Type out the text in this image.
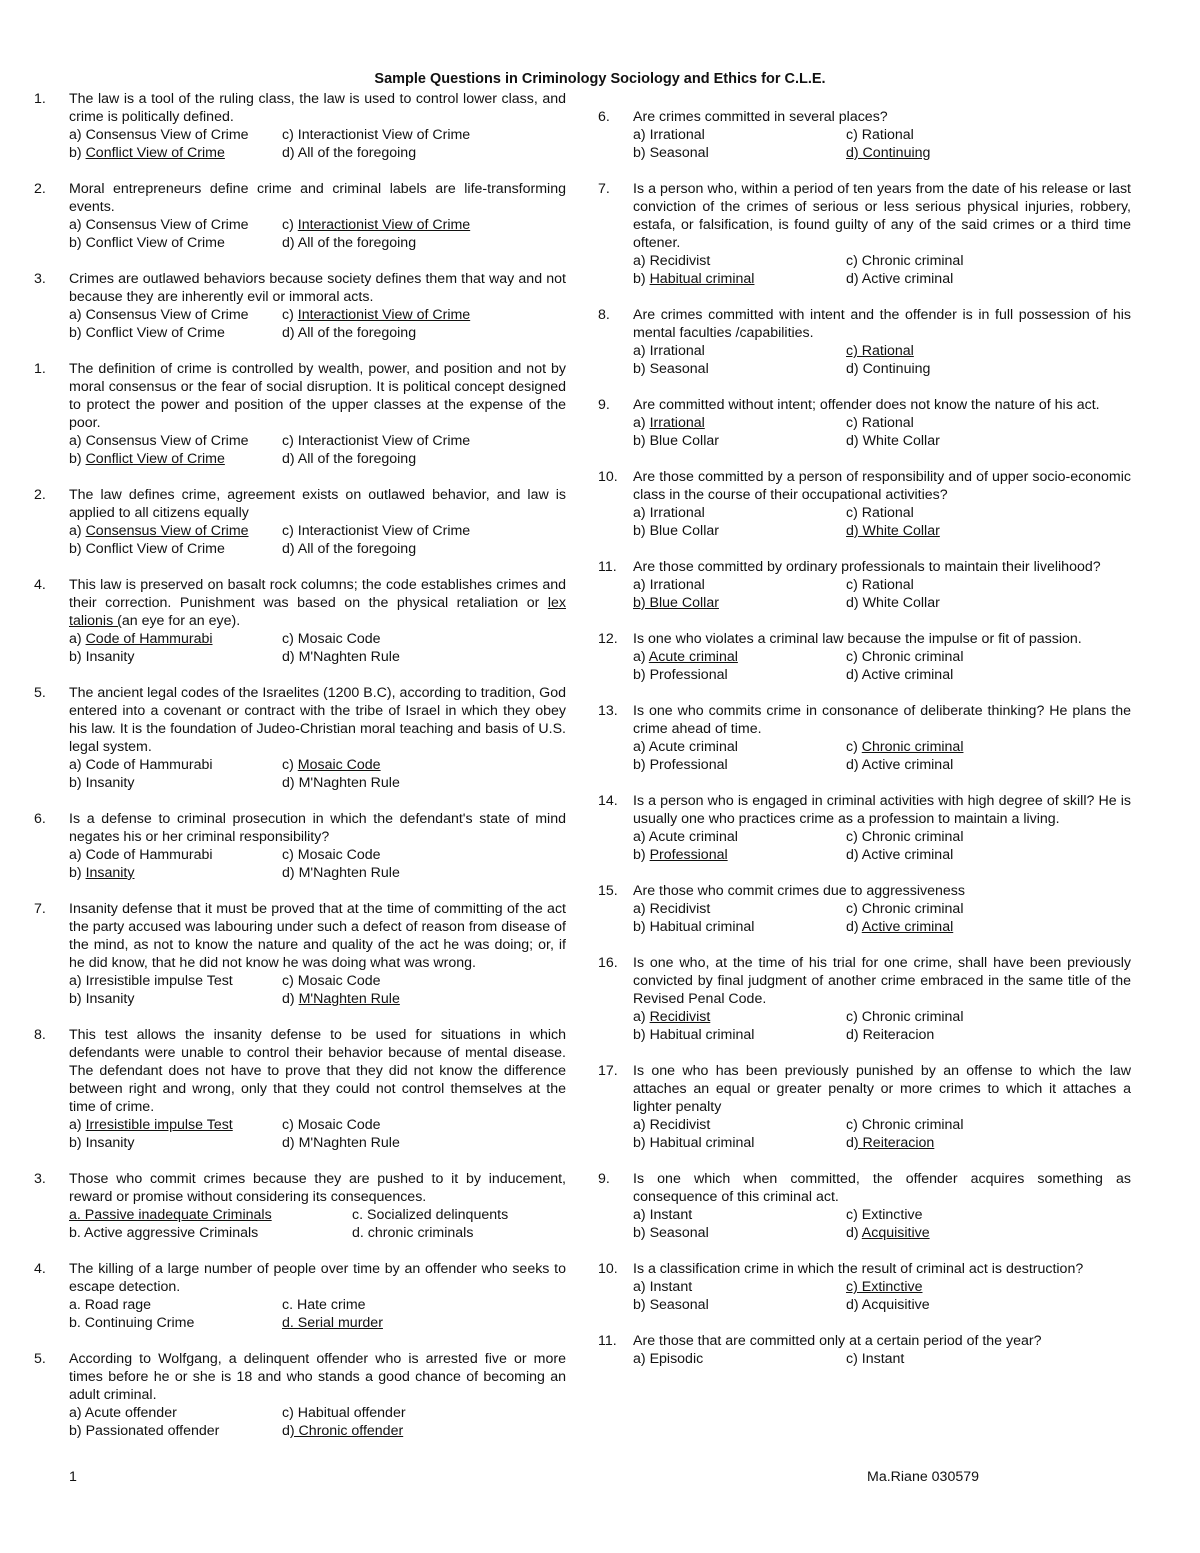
Sample Questions in Criminology Sociology and Ethics for C.L.E.
1.	The law is a tool of the ruling class, the law is used to control lower class, and crime is politically defined.
a) Consensus View of Crime	c) Interactionist View of Crime
b) Conflict View of Crime	d) All of the foregoing
2.	Moral entrepreneurs define crime and criminal labels are life-transforming events.
a) Consensus View of Crime	c) Interactionist View of Crime
b) Conflict View of Crime	d) All of the foregoing
3.	Crimes are outlawed behaviors because society defines them that way and not because they are inherently evil or immoral acts.
a) Consensus View of Crime	c) Interactionist View of Crime
b) Conflict View of Crime	d) All of the foregoing
1.	The definition of crime is controlled by wealth, power, and position and not by moral consensus or the fear of social disruption. It is political concept designed to protect the power and position of the upper classes at the expense of the poor.
a) Consensus View of Crime	c) Interactionist View of Crime
b) Conflict View of Crime	d) All of the foregoing
2.	The law defines crime, agreement exists on outlawed behavior, and law is applied to all citizens equally
a) Consensus View of Crime	c) Interactionist View of Crime
b) Conflict View of Crime	d) All of the foregoing
4.	This law is preserved on basalt rock columns; the code establishes crimes and their correction. Punishment was based on the physical retaliation or lex talionis (an eye for an eye).
a) Code of Hammurabi	c) Mosaic Code
b) Insanity	d) M'Naghten Rule
5.	The ancient legal codes of the Israelites (1200 B.C), according to tradition, God entered into a covenant or contract with the tribe of Israel in which they obey his law. It is the foundation of Judeo-Christian moral teaching and basis of U.S. legal system.
a) Code of Hammurabi	c) Mosaic Code
b) Insanity	d) M'Naghten Rule
6.	Is a defense to criminal prosecution in which the defendant's state of mind negates his or her criminal responsibility?
a) Code of Hammurabi	c) Mosaic Code
b) Insanity	d) M'Naghten Rule
7.	Insanity defense that it must be proved that at the time of committing of the act the party accused was labouring under such a defect of reason from disease of the mind, as not to know the nature and quality of the act he was doing; or, if he did know, that he did not know he was doing what was wrong.
a) Irresistible impulse Test	c) Mosaic Code
b) Insanity	d) M'Naghten Rule
8.	This test allows the insanity defense to be used for situations in which defendants were unable to control their behavior because of mental disease. The defendant does not have to prove that they did not know the difference between right and wrong, only that they could not control themselves at the time of crime.
a) Irresistible impulse Test	c) Mosaic Code
b) Insanity	d) M'Naghten Rule
3.	Those who commit crimes because they are pushed to it by inducement, reward or promise without considering its consequences.
a. Passive inadequate Criminals	c. Socialized delinquents
b. Active aggressive Criminals	d. chronic criminals
4.	The killing of a large number of people over time by an offender who seeks to escape detection.
a. Road rage	c. Hate crime
b. Continuing Crime	d. Serial murder
5.	According to Wolfgang, a delinquent offender who is arrested five or more times before he or she is 18 and who stands a good chance of becoming an adult criminal.
a) Acute offender	c) Habitual offender
b) Passionated offender	d) Chronic offender
6.	Are crimes committed in several places?
a) Irrational	c) Rational
b) Seasonal	d) Continuing
7.	Is a person who, within a period of ten years from the date of his release or last conviction of the crimes of serious or less serious physical injuries, robbery, estafa, or falsification, is found guilty of any of the said crimes or a third time oftener.
a) Recidivist	c) Chronic criminal
b) Habitual criminal	d) Active criminal
8.	Are crimes committed with intent and the offender is in full possession of his mental faculties /capabilities.
a) Irrational	c) Rational
b) Seasonal	d) Continuing
9.	Are committed without intent; offender does not know the nature of his act.
a) Irrational	c) Rational
b) Blue Collar	d) White Collar
10.	Are those committed by a person of responsibility and of upper socio-economic class in the course of their occupational activities?
a) Irrational	c) Rational
b) Blue Collar	d) White Collar
11.	Are those committed by ordinary professionals to maintain their livelihood?
a) Irrational	c) Rational
b) Blue Collar	d) White Collar
12.	Is one who violates a criminal law because the impulse or fit of passion.
a) Acute criminal	c) Chronic criminal
b) Professional	d) Active criminal
13.	Is one who commits crime in consonance of deliberate thinking? He plans the crime ahead of time.
a) Acute criminal	c) Chronic criminal
b) Professional	d) Active criminal
14.	Is a person who is engaged in criminal activities with high degree of skill? He is usually one who practices crime as a profession to maintain a living.
a) Acute criminal	c) Chronic criminal
b) Professional	d) Active criminal
15.	Are those who commit crimes due to aggressiveness
a) Recidivist	c) Chronic criminal
b) Habitual criminal	d) Active criminal
16.	Is one who, at the time of his trial for one crime, shall have been previously convicted by final judgment of another crime embraced in the same title of the Revised Penal Code.
a) Recidivist	c) Chronic criminal
b) Habitual criminal	d) Reiteracion
17.	Is one who has been previously punished by an offense to which the law attaches an equal or greater penalty or more crimes to which it attaches a lighter penalty
a) Recidivist	c) Chronic criminal
b) Habitual criminal	d) Reiteracion
9.	Is one which when committed, the offender acquires something as consequence of this criminal act.
a) Instant	c) Extinctive
b) Seasonal	d) Acquisitive
10.	Is a classification crime in which the result of criminal act is destruction?
a) Instant	c) Extinctive
b) Seasonal	d) Acquisitive
11.	Are those that are committed only at a certain period of the year?
a) Episodic	c) Instant
1	Ma.Riane 030579
